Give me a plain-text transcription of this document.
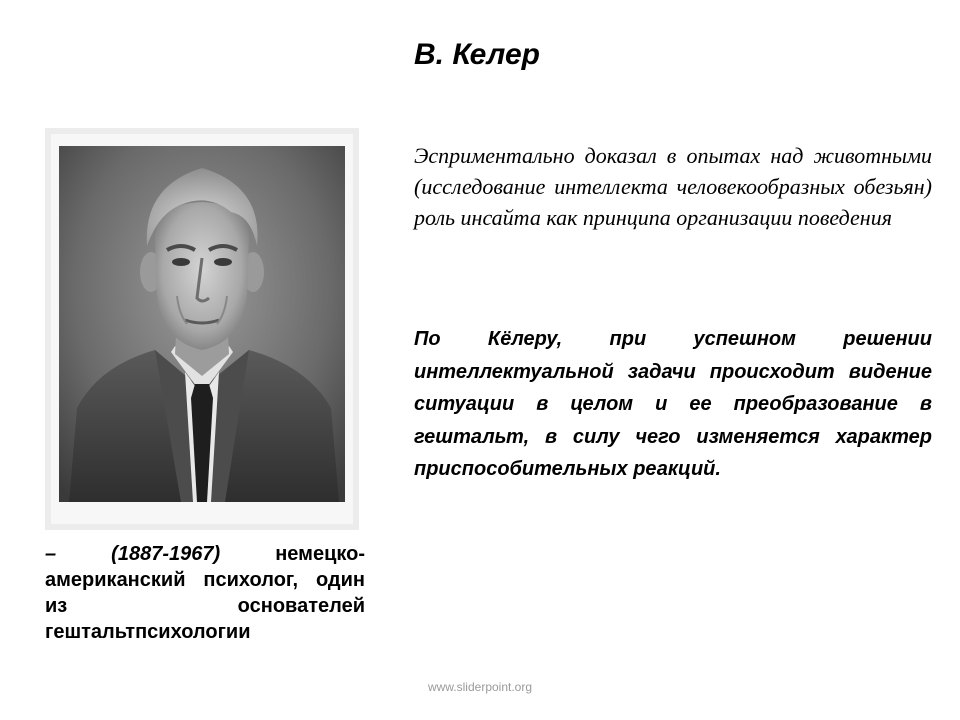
В. Келер
– (1887-1967) немецко-американский психолог, один из основателей гештальтпсихологии

Эсприментально доказал в опытах над животными (исследование интеллекта человекообразных обезьян) роль инсайта как принципа организации поведения

По Кёлеру, при успешном решении интеллектуальной задачи происходит видение ситуации в целом и ее преобразование в гештальт, в силу чего изменяется характер приспособительных реакций.

www.sliderpoint.org
